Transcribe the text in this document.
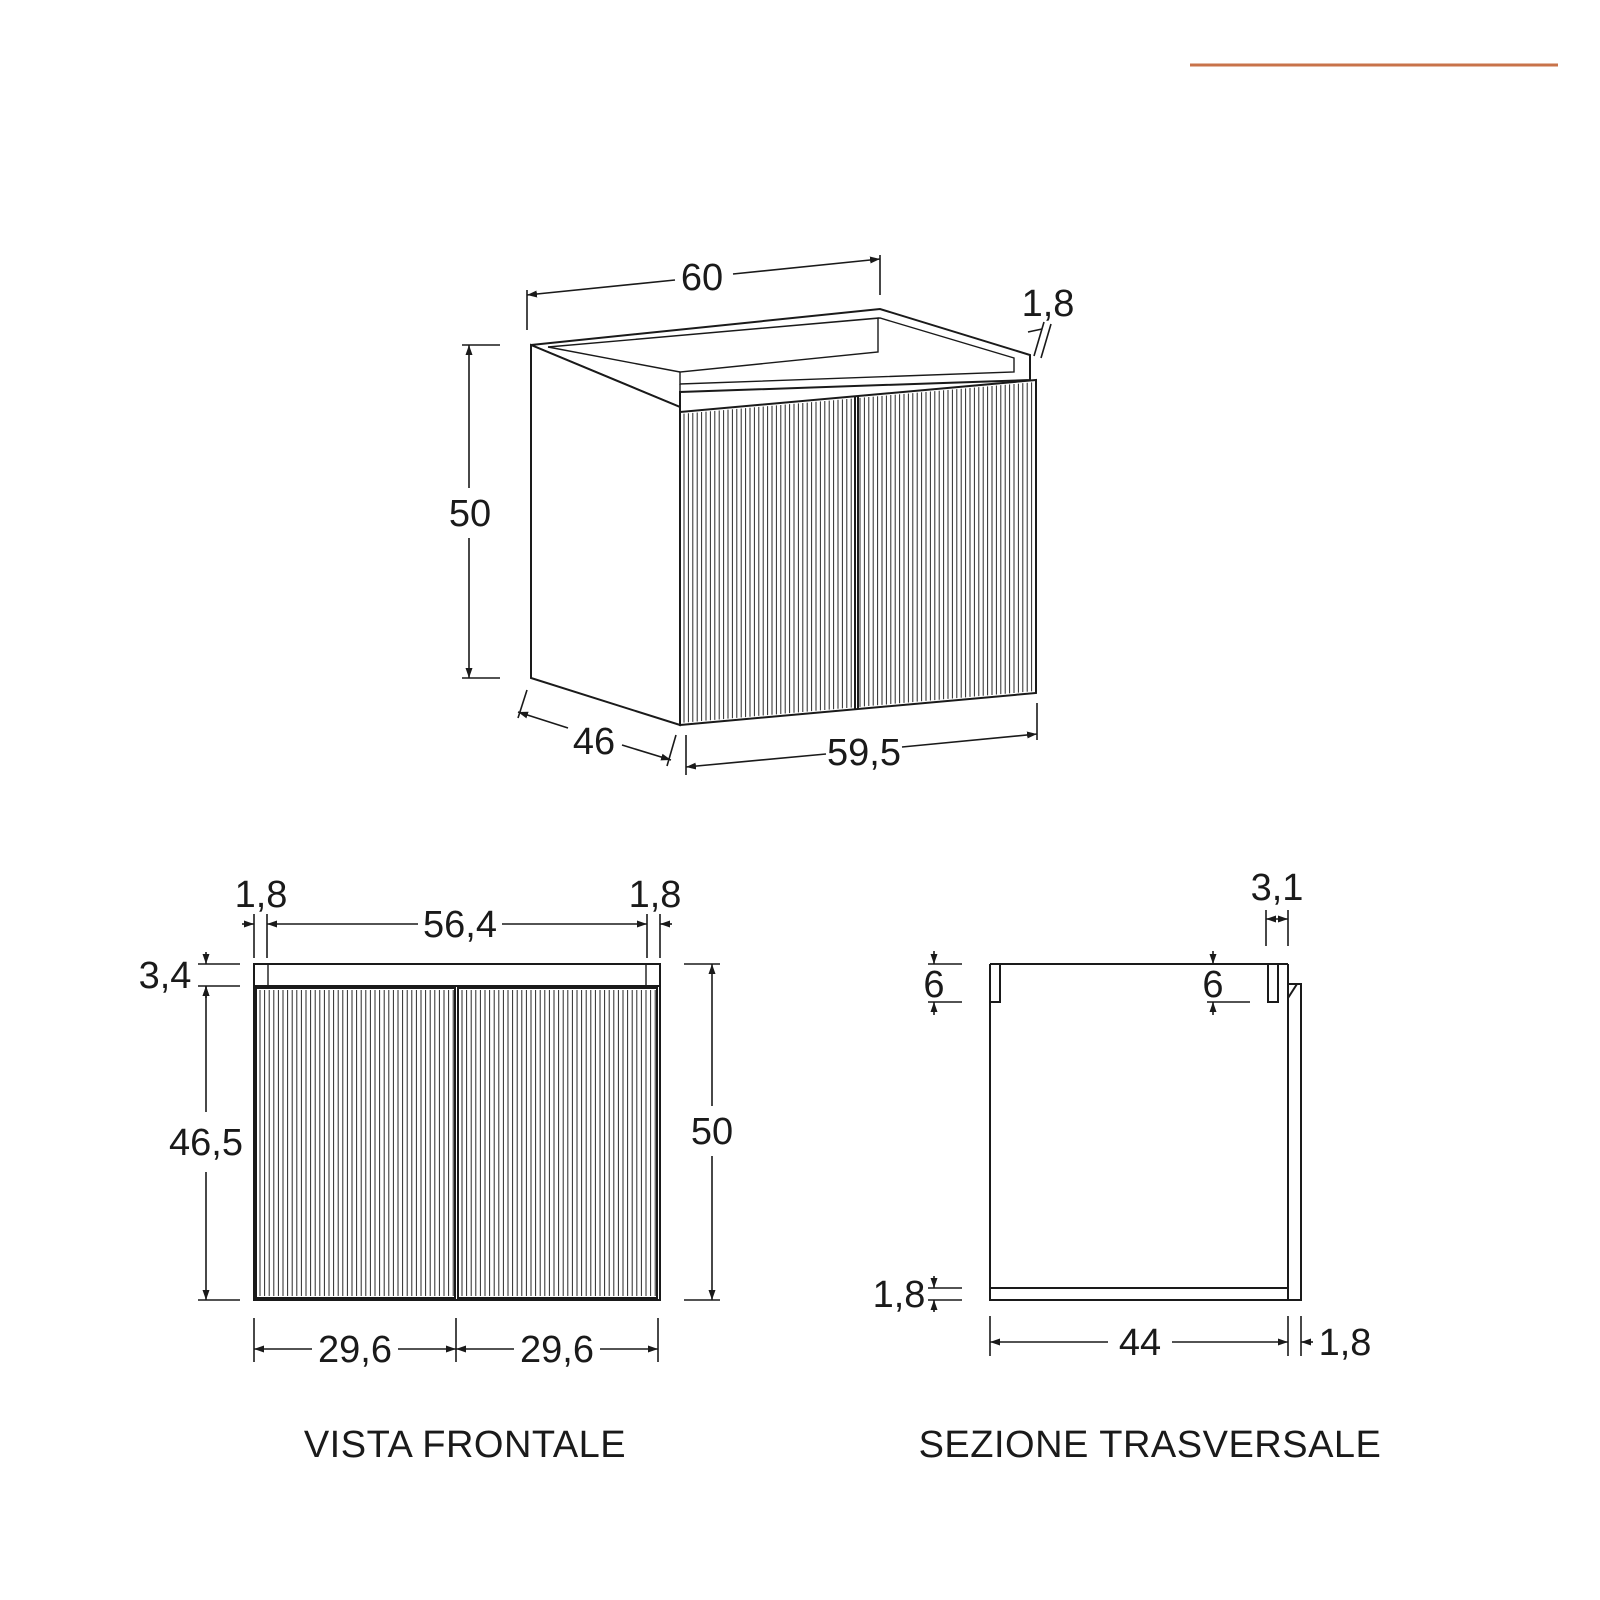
60
1,8
50
46	59,5
1,8
56,4
1,8
3,4
46,5	50
29,6	29,6
VISTA FRONTALE
6	6
3,1
1,8
44	1,8
SEZIONE TRASVERSALE
